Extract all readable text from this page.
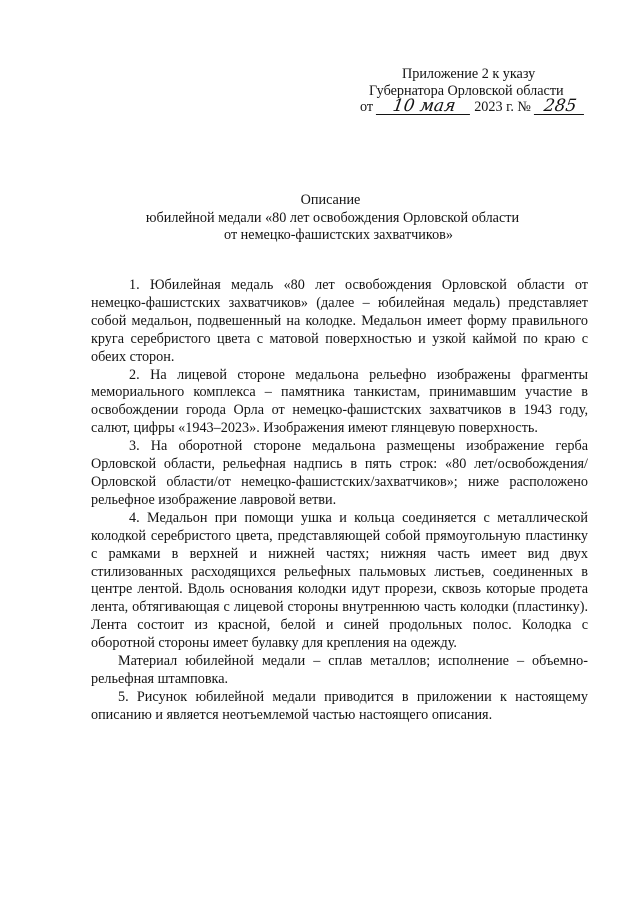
Приложение 2 к указу
Губернатора Орловской области
от 10 мая 2023 г. № 285
Описание
юбилейной медали «80 лет освобождения Орловской области
от немецко-фашистских захватчиков»

1. Юбилейная медаль «80 лет освобождения Орловской области от немецко-фашистских захватчиков» (далее – юбилейная медаль) представляет собой медальон, подвешенный на колодке. Медальон имеет форму правильного круга серебристого цвета с матовой поверхностью и узкой каймой по краю с обеих сторон.

2. На лицевой стороне медальона рельефно изображены фрагменты мемориального комплекса – памятника танкистам, принимавшим участие в освобождении города Орла от немецко-фашистских захватчиков в 1943 году, салют, цифры «1943–2023». Изображения имеют глянцевую поверхность.

3. На оборотной стороне медальона размещены изображение герба Орловской области, рельефная надпись в пять строк: «80 лет/освобождения/Орловской области/от немецко-фашистских/захватчиков»; ниже расположено рельефное изображение лавровой ветви.

4. Медальон при помощи ушка и кольца соединяется с металлической колодкой серебристого цвета, представляющей собой прямоугольную пластинку с рамками в верхней и нижней частях; нижняя часть имеет вид двух стилизованных расходящихся рельефных пальмовых листьев, соединенных в центре лентой. Вдоль основания колодки идут прорези, сквозь которые продета лента, обтягивающая с лицевой стороны внутреннюю часть колодки (пластинку). Лента состоит из красной, белой и синей продольных полос. Колодка с оборотной стороны имеет булавку для крепления на одежду.

Материал юбилейной медали – сплав металлов; исполнение – объемно-рельефная штамповка.

5. Рисунок юбилейной медали приводится в приложении к настоящему описанию и является неотъемлемой частью настоящего описания.
